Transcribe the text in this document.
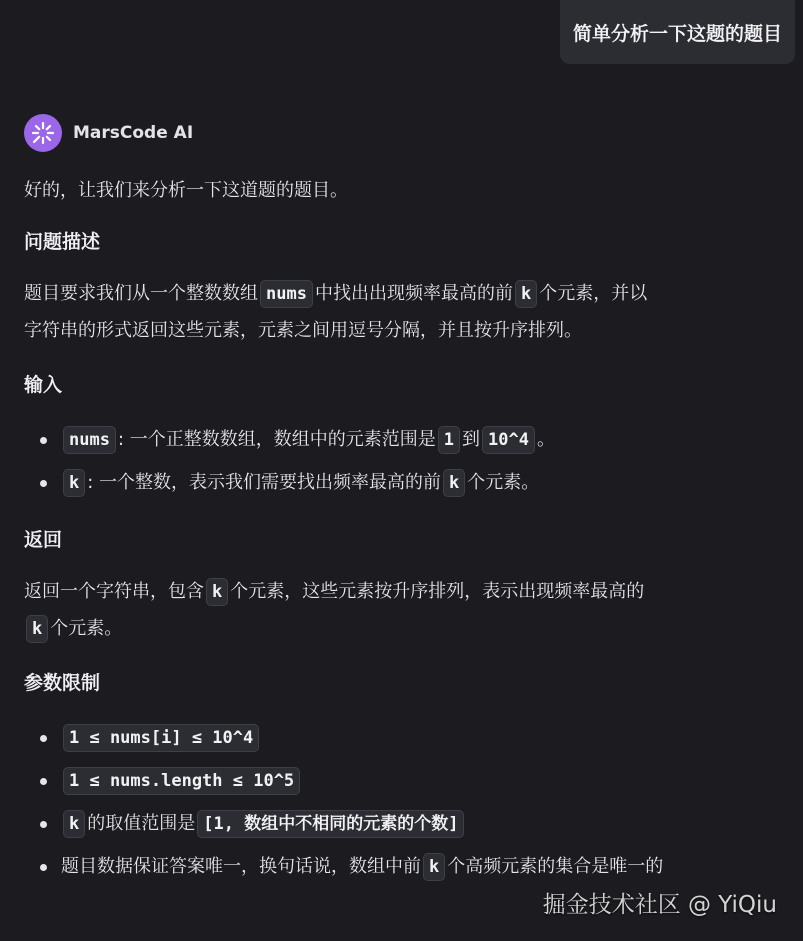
简单分析一下这题的题目
MarsCode AI

好的，让我们来分析一下这道题的题目。

问题描述

题目要求我们从一个整数数组 nums 中找出出现频率最高的前 k 个元素，并以
字符串的形式返回这些元素，元素之间用逗号分隔，并且按升序排列。

输入
nums : 一个正整数数组，数组中的元素范围是 1 到 10^4 。
k : 一个整数，表示我们需要找出频率最高的前 k 个元素。
返回

返回一个字符串，包含 k 个元素，这些元素按升序排列，表示出现频率最高的
k 个元素。

参数限制
1 ≤ nums[i] ≤ 10^4
1 ≤ nums.length ≤ 10^5
k 的取值范围是 [1, 数组中不相同的元素的个数]
题目数据保证答案唯一，换句话说，数组中前 k 个高频元素的集合是唯一的
掘金技术社区 @ YiQiu
